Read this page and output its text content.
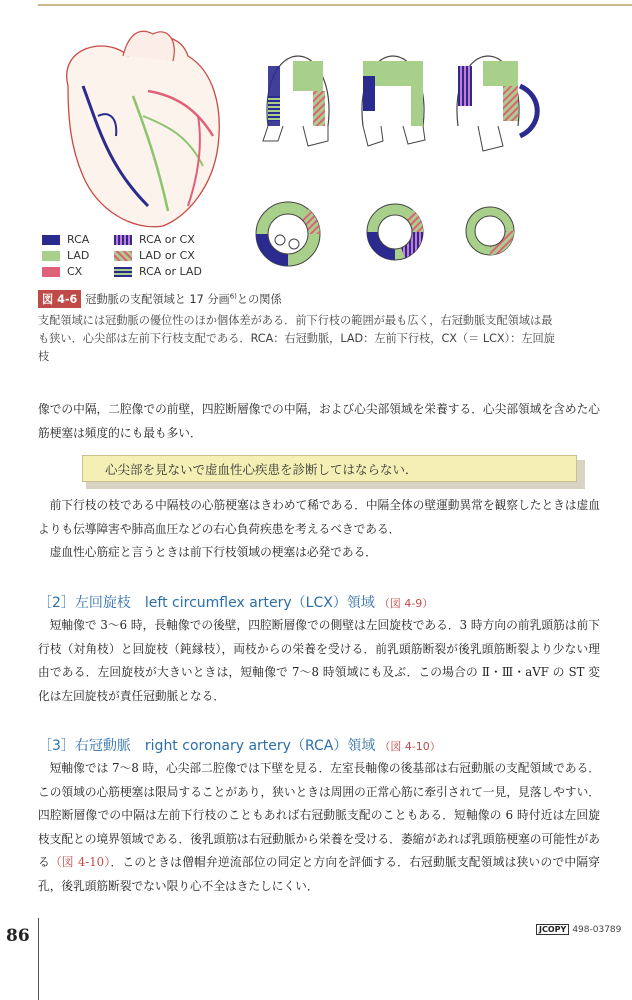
RCA	RCA or CX
LAD	LAD or CX
CX	RCA or LAD
図 4-6 冠動脈の支配領域と 17 分画$^{6)}$との関係
支配領域には冠動脈の優位性のほか個体差がある．前下行枝の範囲が最も広く，右冠動脈支配領域は最も狭い．心尖部は左前下行枝支配である．RCA：右冠動脈，LAD：左前下行枝，CX（＝ LCX）：左回旋枝

像での中隔，二腔像での前壁，四腔断層像での中隔，および心尖部領域を栄養する．心尖部領域を含めた心筋梗塞は頻度的にも最も多い．

心尖部を見ないで虚血性心疾患を診断してはならない．

前下行枝の枝である中隔枝の心筋梗塞はきわめて稀である．中隔全体の壁運動異常を観察したときは虚血よりも伝導障害や肺高血圧などの右心負荷疾患を考えるべきである．

虚血性心筋症と言うときは前下行枝領域の梗塞は必発である．

［2］左回旋枝　left circumflex artery（LCX）領域 （図 4-9）

短軸像で 3〜6 時，長軸像での後壁，四腔断層像での側壁は左回旋枝である．3 時方向の前乳頭筋は前下行枝（対角枝）と回旋枝（鈍縁枝），両枝からの栄養を受ける．前乳頭筋断裂が後乳頭筋断裂より少ない理由である．左回旋枝が大きいときは，短軸像で 7〜8 時領域にも及ぶ．この場合の Ⅱ・Ⅲ・aVF の ST 変化は左回旋枝が責任冠動脈となる．

［3］右冠動脈　right coronary artery（RCA）領域 （図 4-10）

短軸像では 7〜8 時，心尖部二腔像では下壁を見る．左室長軸像の後基部は右冠動脈の支配領域である．この領域の心筋梗塞は限局することがあり，狭いときは周囲の正常心筋に牽引されて一見，見落しやすい．四腔断層像での中隔は左前下行枝のこともあれば右冠動脈支配のこともある．短軸像の 6 時付近は左回旋枝支配との境界領域である．後乳頭筋は右冠動脈から栄養を受ける．萎縮があれば乳頭筋梗塞の可能性がある（図 4-10）．このときは僧帽弁逆流部位の同定と方向を評価する．右冠動脈支配領域は狭いので中隔穿孔，後乳頭筋断裂でない限り心不全はきたしにくい．

86	JCOPY 498-03789
